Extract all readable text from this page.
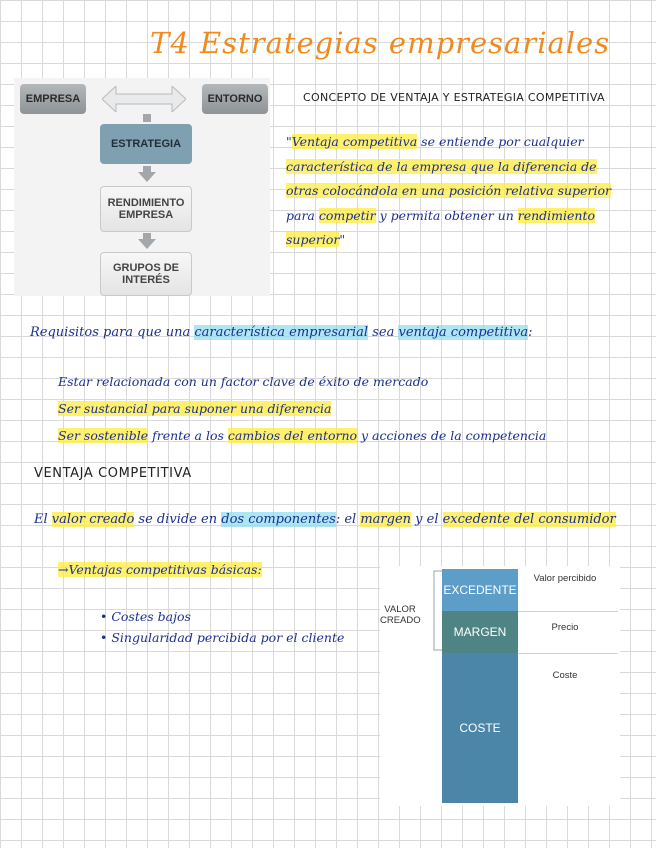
T4 Estrategias empresariales
EMPRESA	ENTORNO
ESTRATEGIA
RENDIMIENTO EMPRESA
GRUPOS DE INTERÉS
CONCEPTO DE VENTAJA Y ESTRATEGIA COMPETITIVA
"Ventaja competitiva se entiende por cualquier característica de la empresa que la diferencia de otras colocándola en una posición relativa superior para competir y permita obtener un rendimiento superior"
Requisitos para que una característica empresarial sea ventaja competitiva:
Estar relacionada con un factor clave de éxito de mercado
Ser sustancial para suponer una diferencia
Ser sostenible frente a los cambios del entorno y acciones de la competencia
VENTAJA COMPETITIVA
El valor creado se divide en dos componentes: el margen y el excedente del consumidor
→Ventajas competitivas básicas:
• Costes bajos
• Singularidad percibida por el cliente
VALOR CREADO
EXCEDENTE
MARGEN
COSTE
Valor percibido
Precio
Coste
